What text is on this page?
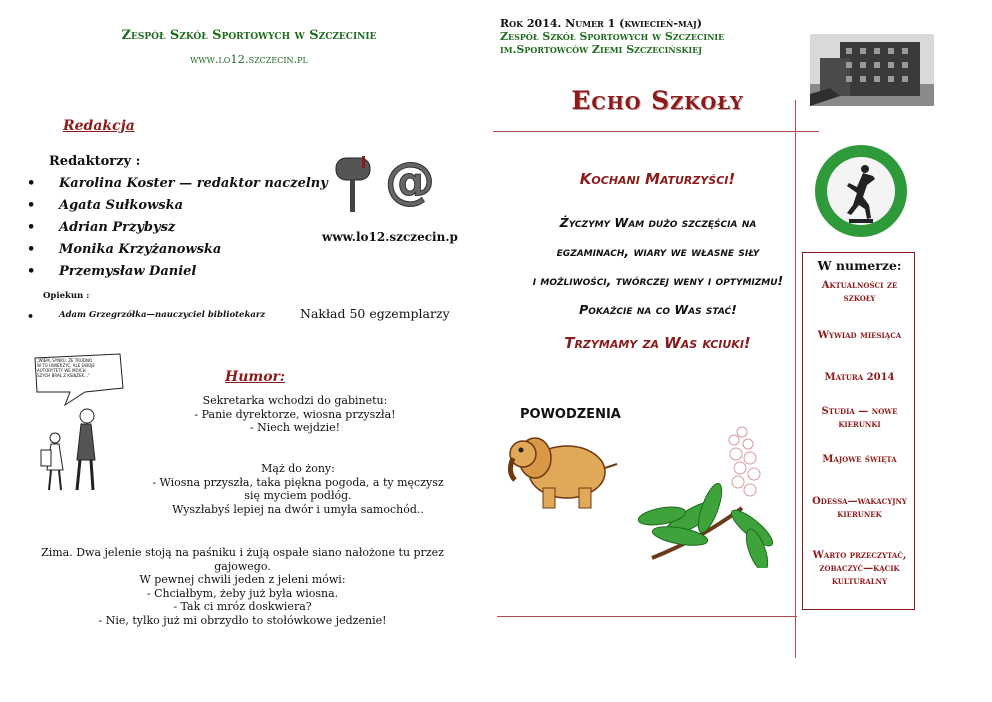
Zespół Szkół Sportowych w Szczecinie
www.lo12.szczecin.pl
Redakcja
Redaktorzy :
• Karolina Koster — redaktor naczelny
• Agata Sułkowska
• Adrian Przybysz
• Monika Krzyżanowska
• Przemysław Daniel
Opiekun :
• Adam Grzegrzółka—nauczyciel bibliotekarz
@
www.lo12.szczecin.p
Nakład 50 egzemplarzy
„WIEM, SYNKU, ŻE TRUDNO W TO UWIERZYĆ, ALE SWOJE AUTORYTETY WE MOICH SZYCH BRAŁ Z KSIĄŻEK...”	Humor:
Sekretarka wchodzi do gabinetu:
- Panie dyrektorze, wiosna przyszła!
- Niech wejdzie!
Mąż do żony:
- Wiosna przyszła, taka piękna pogoda, a ty męczysz się myciem podłóg.
Wyszłabyś lepiej na dwór i umyła samochód..
Zima. Dwa jelenie stoją na paśniku i żują ospałe siano nałożone tu przez gajowego.
W pewnej chwili jeden z jeleni mówi:
- Chciałbym, żeby już była wiosna.
- Tak ci mróz doskwiera?
- Nie, tylko już mi obrzydło to stołówkowe jedzenie!
Rok 2014. Numer 1 (kwiecień-maj)
Zespół Szkół Sportowych w Szczecinie
im.Sportowców Ziemi Szczecińskiej
Echo Szkoły
Kochani Maturzyści!
Życzymy Wam dużo szczęścia na
egzaminach, wiary we własne siły
i możliwości, twórczej weny i optymizmu!
Pokażcie na co Was stać!
Trzymamy za Was kciuki!
POWODZENIA
W numerze:
Aktualności ze szkoły
Wywiad miesiąca
Matura 2014
Studia — nowe kierunki
Majowe święta
Odessa—wakacyjny kierunek
Warto przeczytać, zobaczyć—kącik kulturalny
